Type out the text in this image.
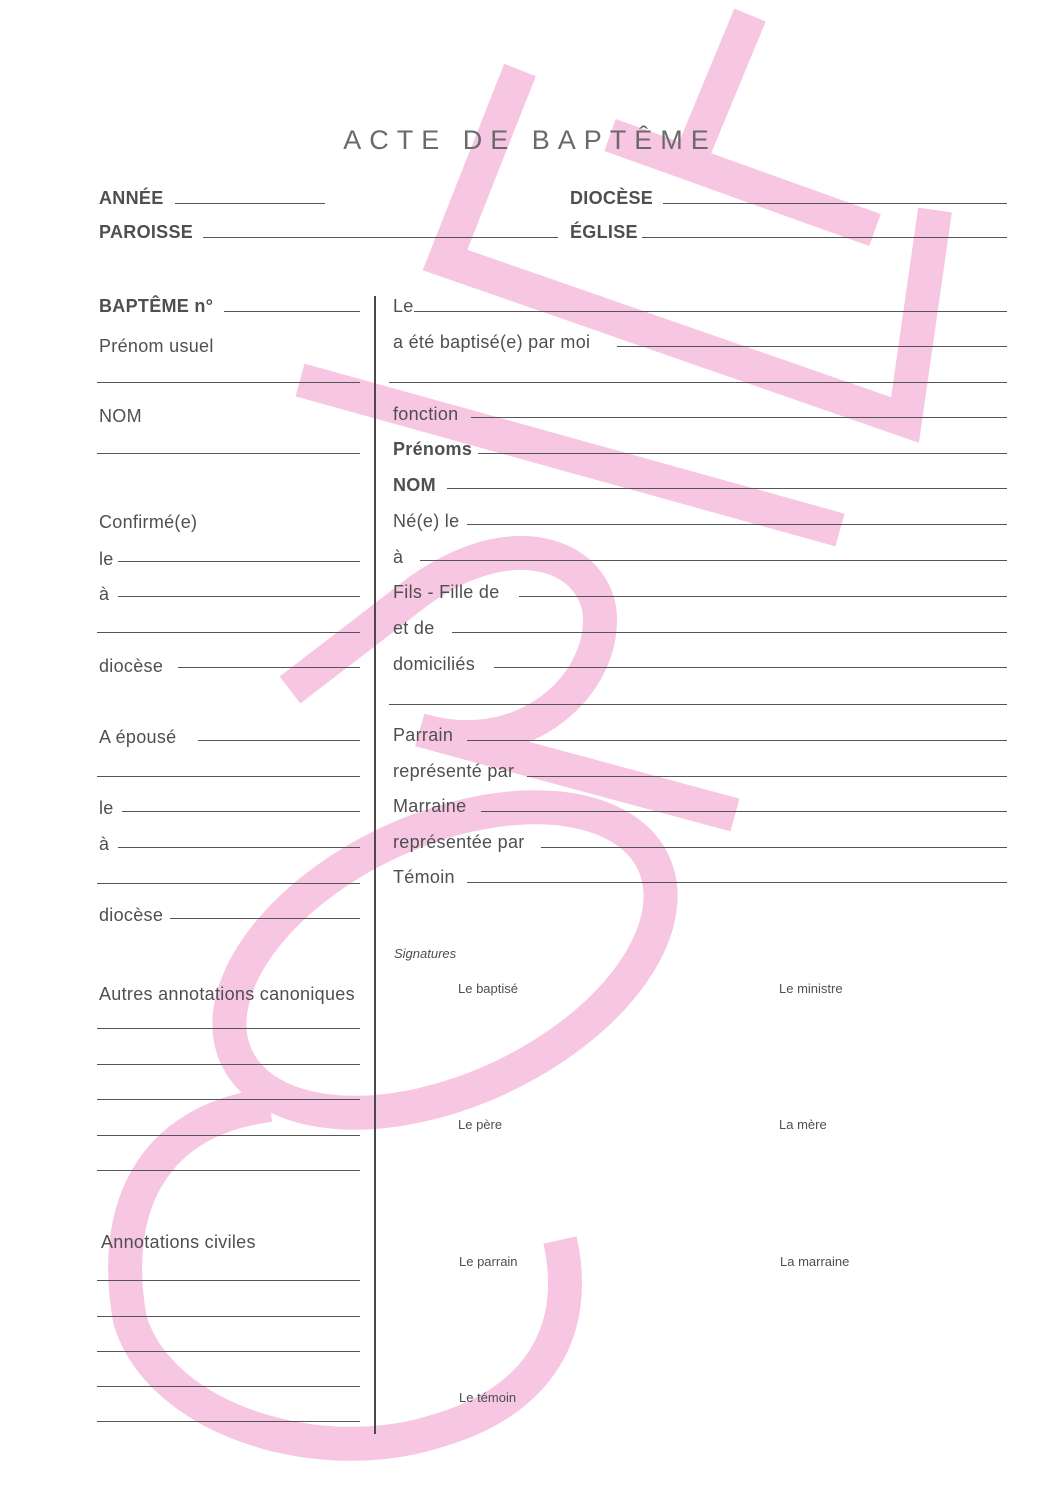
ACTE DE BAPTÊME
ANNÉE	DIOCÈSE
PAROISSE	ÉGLISE
BAPTÊME n°
Prénom usuel
NOM
Confirmé(e)
le
à
diocèse
A épousé
le
à
diocèse
Autres annotations canoniques
Annotations civiles
Le
a été baptisé(e) par moi
fonction
Prénoms
NOM
Né(e) le
à
Fils - Fille de
et de
domiciliés
Parrain
représenté par
Marraine
représentée par
Témoin
Signatures
Le baptisé	Le ministre
Le père	La mère
Le parrain	La marraine
Le témoin
